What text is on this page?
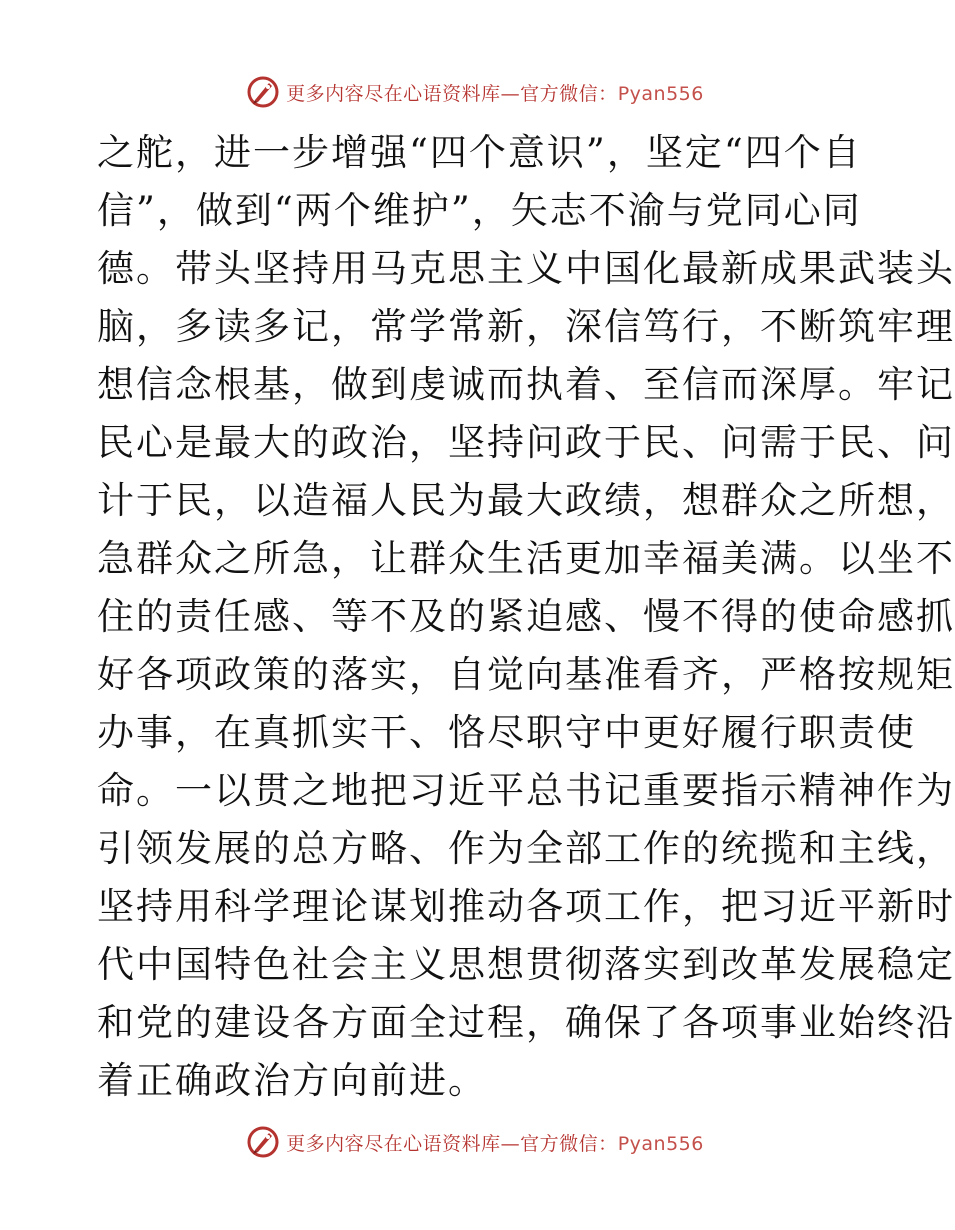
更多内容尽在心语资料库—官方微信：Pyan556
之舵，进一步增强“四个意识”，坚定“四个自
信”，做到“两个维护”，矢志不渝与党同心同
德。带头坚持用马克思主义中国化最新成果武装头
脑，多读多记，常学常新，深信笃行，不断筑牢理
想信念根基，做到虔诚而执着、至信而深厚。牢记
民心是最大的政治，坚持问政于民、问需于民、问
计于民，以造福人民为最大政绩，想群众之所想，
急群众之所急，让群众生活更加幸福美满。以坐不
住的责任感、等不及的紧迫感、慢不得的使命感抓
好各项政策的落实，自觉向基准看齐，严格按规矩
办事，在真抓实干、恪尽职守中更好履行职责使
命。一以贯之地把习近平总书记重要指示精神作为
引领发展的总方略、作为全部工作的统揽和主线，
坚持用科学理论谋划推动各项工作，把习近平新时
代中国特色社会主义思想贯彻落实到改革发展稳定
和党的建设各方面全过程，确保了各项事业始终沿
着正确政治方向前进。
更多内容尽在心语资料库—官方微信：Pyan556
